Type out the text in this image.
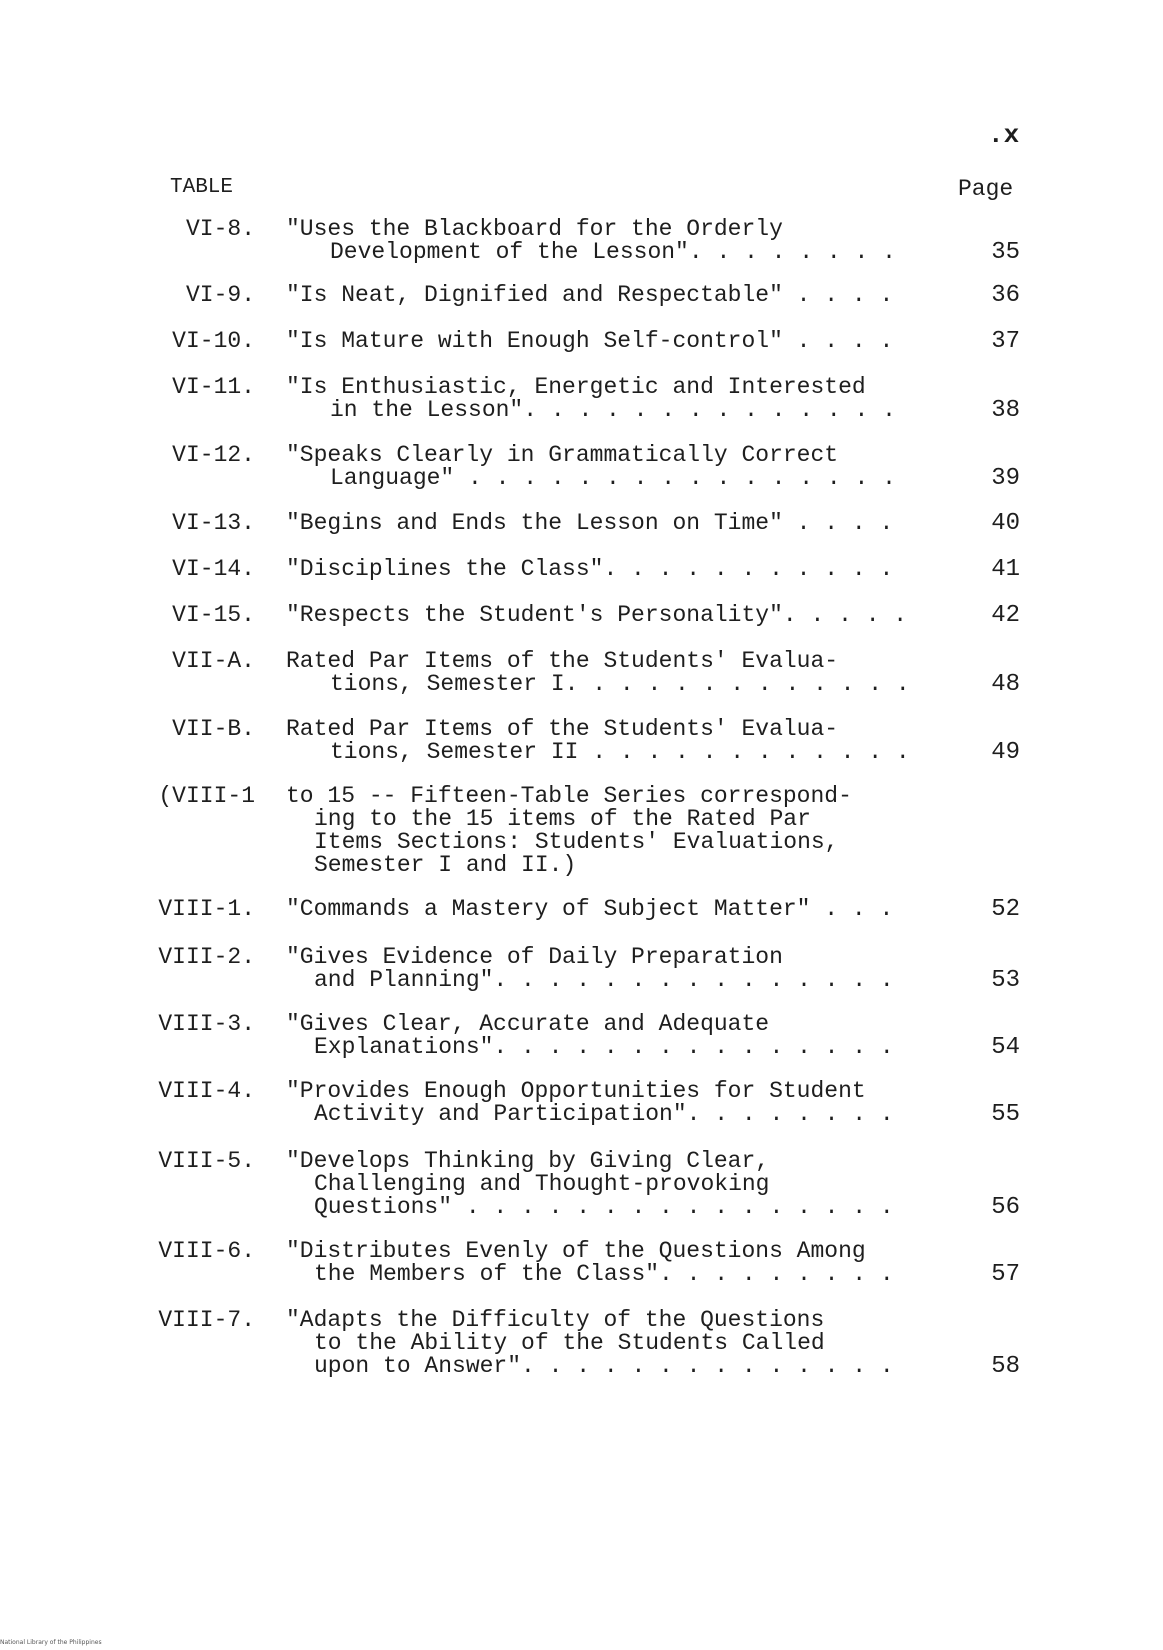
.x
TABLE	Page
VI-8. "Uses the Blackboard for the Orderly
Development of the Lesson". . . . . . . .	35
VI-9. "Is Neat, Dignified and Respectable" . . . .	36
VI-10. "Is Mature with Enough Self-control" . . . .	37
VI-11. "Is Enthusiastic, Energetic and Interested
in the Lesson". . . . . . . . . . . . . .	38
VI-12. "Speaks Clearly in Grammatically Correct
Language" . . . . . . . . . . . . . . . .	39
VI-13. "Begins and Ends the Lesson on Time" . . . .	40
VI-14. "Disciplines the Class". . . . . . . . . . .	41
VI-15. "Respects the Student's Personality". . . . .	42
VII-A. Rated Par Items of the Students' Evalua-
tions, Semester I. . . . . . . . . . . . .	48
VII-B. Rated Par Items of the Students' Evalua-
tions, Semester II . . . . . . . . . . . .	49
(VIII-1 to 15 -- Fifteen-Table Series correspond-
ing to the 15 items of the Rated Par
Items Sections: Students' Evaluations,
Semester I and II.)
VIII-1. "Commands a Mastery of Subject Matter" . . .	52
VIII-2. "Gives Evidence of Daily Preparation
and Planning". . . . . . . . . . . . . . .	53
VIII-3. "Gives Clear, Accurate and Adequate
Explanations". . . . . . . . . . . . . . .	54
VIII-4. "Provides Enough Opportunities for Student
Activity and Participation". . . . . . . .	55
VIII-5. "Develops Thinking by Giving Clear,
Challenging and Thought-provoking
Questions" . . . . . . . . . . . . . . . .	56
VIII-6. "Distributes Evenly of the Questions Among
the Members of the Class". . . . . . . . .	57
VIII-7. "Adapts the Difficulty of the Questions
to the Ability of the Students Called
upon to Answer". . . . . . . . . . . . . .	58
National Library of the Philippines
